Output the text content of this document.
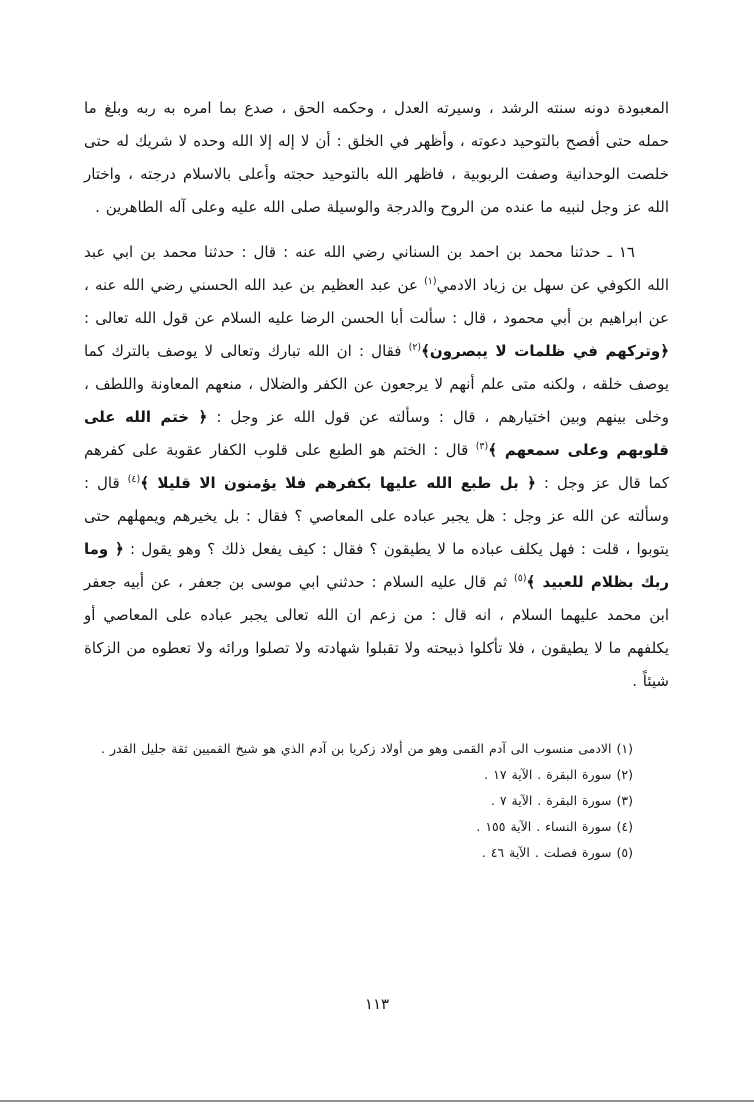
المعبودة دونه سنته الرشد ، وسيرته العدل ، وحكمه الحق ، صدع بما امره به ربه وبلغ ما حمله حتى أفصح بالتوحيد دعوته ، وأظهر في الخلق : أن لا إله إلا الله وحده لا شريك له حتى خلصت الوحدانية وصفت الربوبية ، فاظهر الله بالتوحيد حجته وأعلى بالاسلام درجته ، واختار الله عز وجل لنبيه ما عنده من الروح والدرجة والوسيلة صلى الله عليه وعلى آله الطاهرين .

١٦ ـ حدثنا محمد بن احمد بن السناني رضي الله عنه : قال : حدثنا محمد بن ابي عبد الله الكوفي عن سهل بن زياد الادمي$^{(١)}$ عن عبد العظيم بن عبد الله الحسني رضي الله عنه ، عن ابراهيم بن أبي محمود ، قال : سألت أبا الحسن الرضا عليه السلام عن قول الله تعالى : ﴿وتركهم في ظلمات لا يبصرون﴾$^{(٢)}$ فقال : ان الله تبارك وتعالى لا يوصف بالترك كما يوصف خلقه ، ولكنه متى علم أنهم لا يرجعون عن الكفر والضلال ، منعهم المعاونة واللطف ، وخلى بينهم وبين اختيارهم ، قال : وسألته عن قول الله عز وجل : ﴿ ختم الله على قلوبهم وعلى سمعهم ﴾$^{(٣)}$ قال : الختم هو الطبع على قلوب الكفار عقوبة على كفرهم كما قال عز وجل : ﴿ بل طبع الله عليها بكفرهم فلا يؤمنون الا قليلا ﴾$^{(٤)}$ قال : وسألته عن الله عز وجل : هل يجبر عباده على المعاصي ؟ فقال : بل يخيرهم ويمهلهم حتى يتوبوا ، قلت : فهل يكلف عباده ما لا يطيقون ؟ فقال : كيف يفعل ذلك ؟ وهو يقول : ﴿ وما ربك بظلام للعبيد ﴾$^{(٥)}$ ثم قال عليه السلام : حدثني ابي موسى بن جعفر ، عن أبيه جعفر ابن محمد عليهما السلام ، انه قال : من زعم ان الله تعالى يجبر عباده على المعاصي أو يكلفهم ما لا يطيقون ، فلا تأكلوا ذبيحته ولا تقبلوا شهادته ولا تصلوا ورائه ولا تعطوه من الزكاة شيئاً .

(١) الادمى منسوب الى آدم القمى وهو من أولاد زكريا بن آدم الذي هو شيخ القميين ثقة جليل القدر .

(٢) سورة البقرة . الآية ١٧ .

(٣) سورة البقرة . الآية ٧ .

(٤) سورة النساء . الآية ١٥٥ .

(٥) سورة فصلت . الآية ٤٦ .

١١٣
